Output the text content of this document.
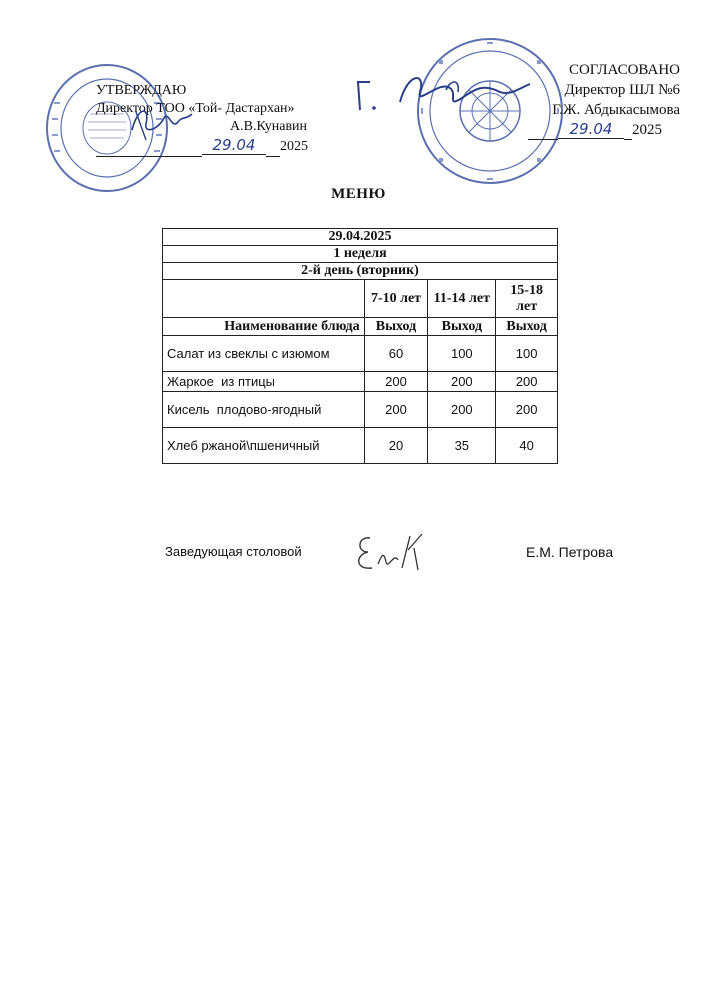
УТВЕРЖДАЮ
Директор ТОО «Той- Дастархан»
А.В.Кунавин
29.04 2025
СОГЛАСОВАНО
Директор ШЛ №6
Г.Ж. Абдыкасымова
29.04 2025
МЕНЮ
29.04.2025			
1 неделя			
2-й день (вторник)			
	7-10 лет	11-14 лет	15-18 лет
Наименование блюда	Выход	Выход	Выход
Салат из свеклы с изюмом	60	100	100
Жаркое  из птицы	200	200	200
Кисель  плодово-ягодный	200	200	200
Хлеб ржаной\пшеничный	20	35	40
Заведующая столовой	Е.М. Петрова
